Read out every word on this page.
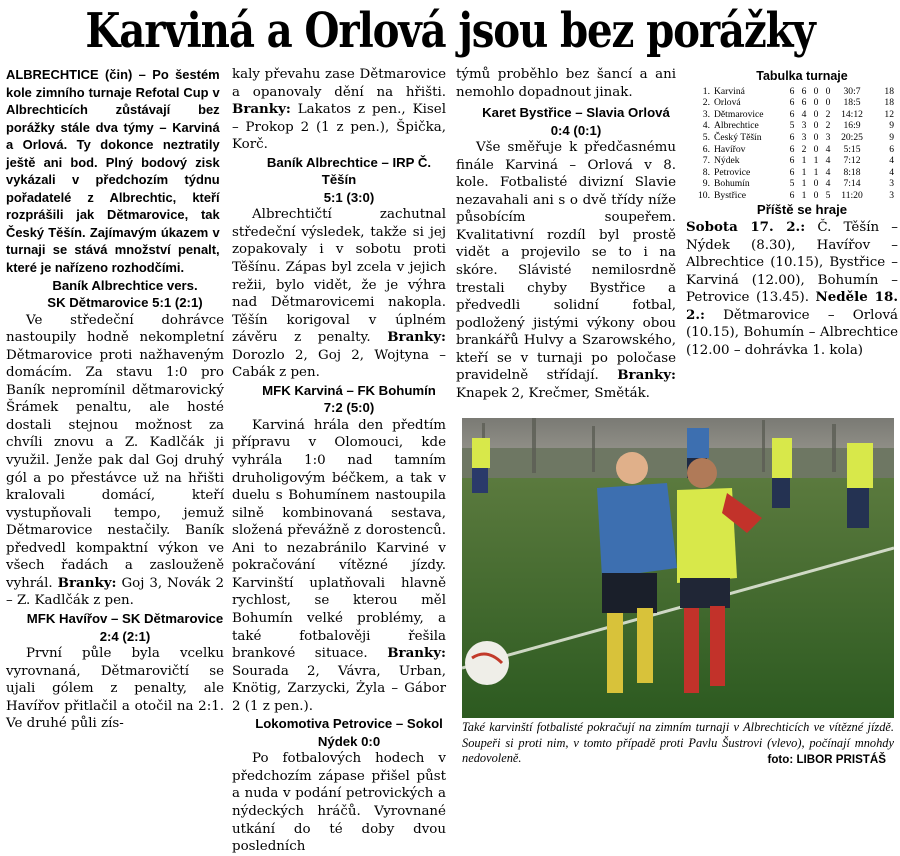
Karviná a Orlová jsou bez porážky
ALBRECHTICE (čin) – Po šestém kole zimního turnaje Refotal Cup v Albrechticích zůstávají bez porážky stále dva týmy – Karviná a Orlová. Ty dokonce neztratily ještě ani bod. Plný bodový zisk vykázali v předchozím týdnu pořadatelé z Albrechtic, kteří rozprášili jak Dětmarovice, tak Český Těšín. Zajímavým úkazem v turnaji se stává množství penalt, které je nařízeno rozhodčími.

Baník Albrechtice vers.

SK Dětmarovice 5:1 (2:1)

Ve středeční dohrávce nastoupily hodně nekompletní Dětmarovice proti nažhaveným domácím. Za stavu 1:0 pro Baník nepromínil dětmarovický Šrámek penaltu, ale hosté dostali stejnou možnost za chvíli znovu a Z. Kadlčák ji využil. Jenže pak dal Goj druhý gól a po přestávce už na hřišti kralovali domácí, kteří vystupňovali tempo, jemuž Dětmarovice nestačily. Baník předvedl kompaktní výkon ve všech řadách a zaslouženě vyhrál. Branky: Goj 3, Novák 2 – Z. Kadlčák z pen.

MFK Havířov – SK Dětmarovice

2:4 (2:1)

První půle byla vcelku vyrovnaná, Dětmarovičtí se ujali gólem z penalty, ale Havířov přitlačil a otočil na 2:1. Ve druhé půli zís-

kaly převahu zase Dětmarovice a opanovaly dění na hřišti. Branky: Lakatos z pen., Kisel – Prokop 2 (1 z pen.), Špička, Korč.

Baník Albrechtice – IRP Č. Těšín

5:1 (3:0)

Albrechtičtí zachutnal středeční výsledek, takže si jej zopakovaly i v sobotu proti Těšínu. Zápas byl zcela v jejich režii, bylo vidět, že je výhra nad Dětmarovicemi nakopla. Těšín korigoval v úplném závěru z penalty. Branky: Dorozlo 2, Goj 2, Wojtyna – Cabák z pen.

MFK Karviná – FK Bohumín

7:2 (5:0)

Karviná hrála den předtím přípravu v Olomouci, kde vyhrála 1:0 nad tamním druholigovým béčkem, a tak v duelu s Bohumínem nastoupila silně kombinovaná sestava, složená převážně z dorostenců. Ani to nezabránilo Karviné v pokračování vítězné jízdy. Karvinští uplatňovali hlavně rychlost, se kterou měl Bohumín velké problémy, a také fotbalověji řešila brankové situace. Branky: Sourada 2, Vávra, Urban, Knötig, Zarzycki, Żyla – Gábor 2 (1 z pen.).

Lokomotiva Petrovice – Sokol

Nýdek 0:0

Po fotbalových hodech v předchozím zápase přišel půst a nuda v podání petrovických a nýdeckých hráčů. Vyrovnané utkání do té doby dvou posledních

týmů proběhlo bez šancí a ani nemohlo dopadnout jinak.

Karet Bystřice – Slavia Orlová

0:4 (0:1)

Vše směřuje k předčasnému finále Karviná – Orlová v 8. kole. Fotbalisté divizní Slavie nezavahali ani s o dvě třídy níže působícím soupeřem. Kvalitativní rozdíl byl prostě vidět a projevilo se to i na skóre. Slávisté nemilosrdně trestali chyby Bystřice a předvedli solidní fotbal, podložený jistými výkony obou brankářů Hulvy a Szarowského, kteří se v turnaji po poločase pravidelně střídají. Branky: Knapek 2, Krečmer, Směták.

Tabulka turnaje

1.	Karviná	6	6	0	0	30:7	18
2.	Orlová	6	6	0	0	18:5	18
3.	Dětmarovice	6	4	0	2	14:12	12
4.	Albrechtice	5	3	0	2	16:9	9
5.	Český Těšín	6	3	0	3	20:25	9
6.	Havířov	6	2	0	4	5:15	6
7.	Nýdek	6	1	1	4	7:12	4
8.	Petrovice	6	1	1	4	8:18	4
9.	Bohumín	5	1	0	4	7:14	3
10.	Bystřice	6	1	0	5	11:20	3

Příště se hraje

Sobota 17. 2.: Č. Těšín – Nýdek (8.30), Havířov – Albrechtice (10.15), Bystřice – Karviná (12.00), Bohumín – Petrovice (13.45). Neděle 18. 2.: Dětmarovice – Orlová (10.15), Bohumín – Albrechtice (12.00 – dohrávka 1. kola)

Také karvinští fotbalisté pokračují na zimním turnaji v Albrechticích ve vítězné jízdě. Soupeři si proti nim, v tomto případě proti Pavlu Šustrovi (vlevo), počínají mnohdy nedovoleně.	foto: LIBOR PRISTÁŠ
